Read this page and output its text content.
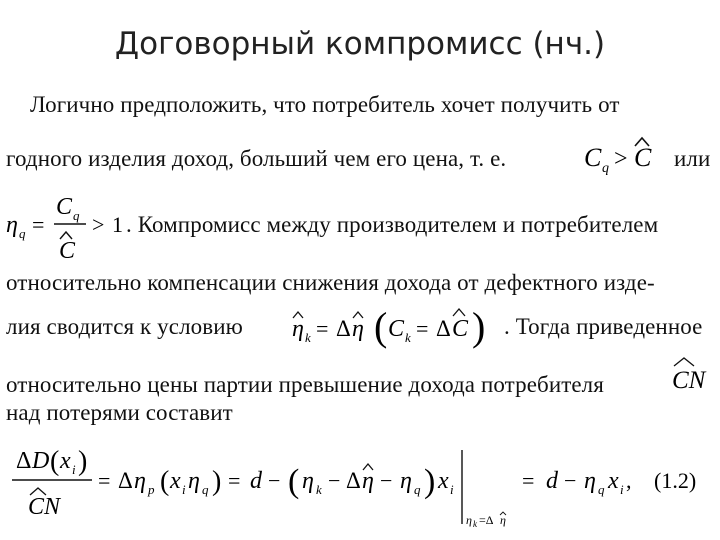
Договорный компромисс (нч.)
Логично предположить, что потребитель хочет получить от
годного изделия доход, больший чем его цена, т. е.	C q > C или
η q =
C q
C
> 1 . Компромисс между производителем и потребителем
относительно компенсации снижения дохода от дефектного изде-
лия сводится к условию η k = Δ η ( C k = Δ C ) . Тогда приведенное
относительно цены партии превышение дохода потребителя	CN
над потерями составит
Δ D ( x i )
CN
= Δ η p ( x i η q ) = d − ( η k − Δ η − η q ) x i
η k =Δ η
= d − η q x i , (1.2)
